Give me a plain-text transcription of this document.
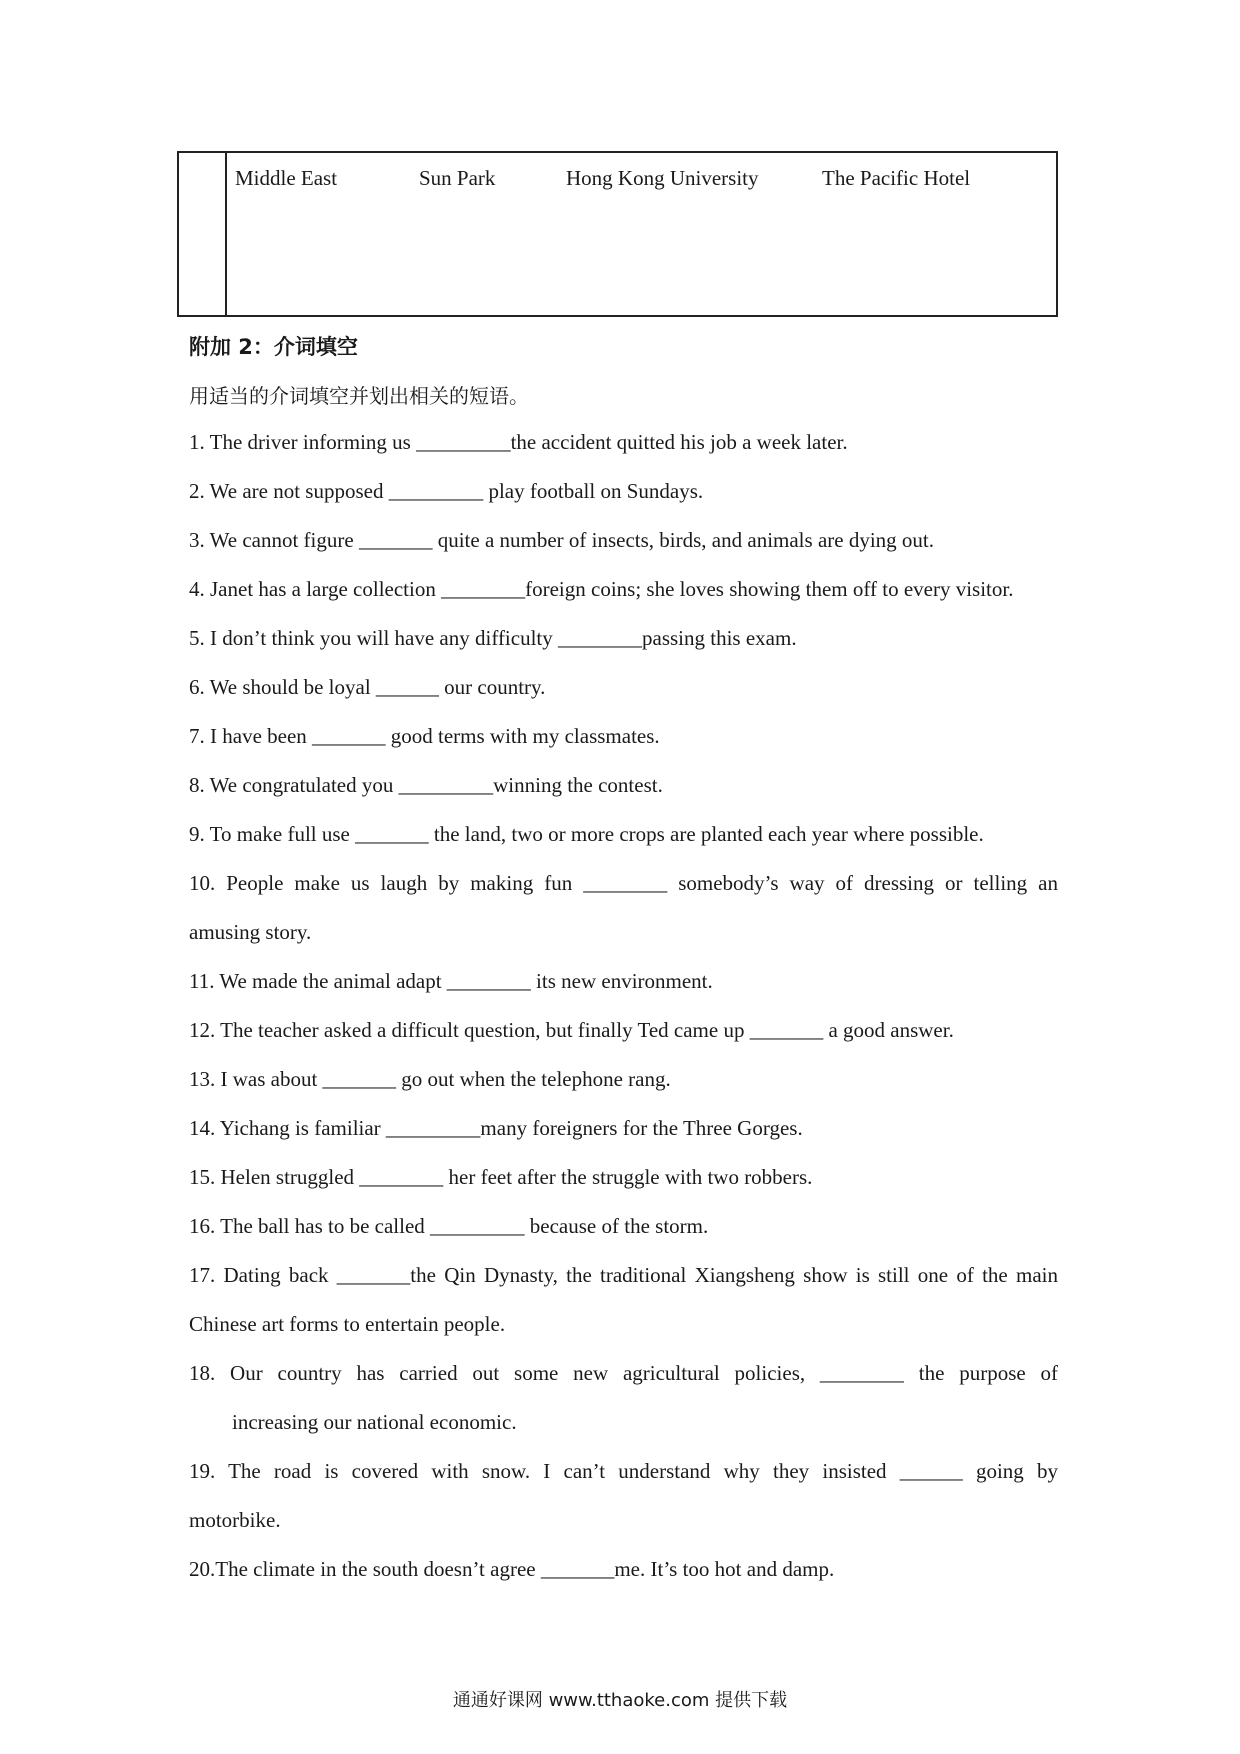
Middle East	Sun Park	Hong Kong University	The Pacific Hotel
附加 2：介词填空
用适当的介词填空并划出相关的短语。
1. The driver informing us _________the accident quitted his job a week later.
2. We are not supposed _________ play football on Sundays.
3. We cannot figure _______ quite a number of insects, birds, and animals are dying out.
4. Janet has a large collection ________foreign coins; she loves showing them off to every visitor.
5. I don’t think you will have any difficulty ________passing this exam.
6. We should be loyal ______ our country.
7. I have been _______ good terms with my classmates.
8. We congratulated you _________winning the contest.
9. To make full use _______ the land, two or more crops are planted each year where possible.
10. People make us laugh by making fun ________ somebody’s way of dressing or telling an
amusing story.
11. We made the animal adapt ________ its new environment.
12. The teacher asked a difficult question, but finally Ted came up _______ a good answer.
13. I was about _______ go out when the telephone rang.
14. Yichang is familiar _________many foreigners for the Three Gorges.
15. Helen struggled ________ her feet after the struggle with two robbers.
16. The ball has to be called _________ because of the storm.
17. Dating back _______the Qin Dynasty, the traditional Xiangsheng show is still one of the main
Chinese art forms to entertain people.
18. Our country has carried out some new agricultural policies, ________ the purpose of
increasing our national economic.
19. The road is covered with snow. I can’t understand why they insisted ______ going by
motorbike.
20.The climate in the south doesn’t agree _______me. It’s too hot and damp.
通通好课网 www.tthaoke.com 提供下载
